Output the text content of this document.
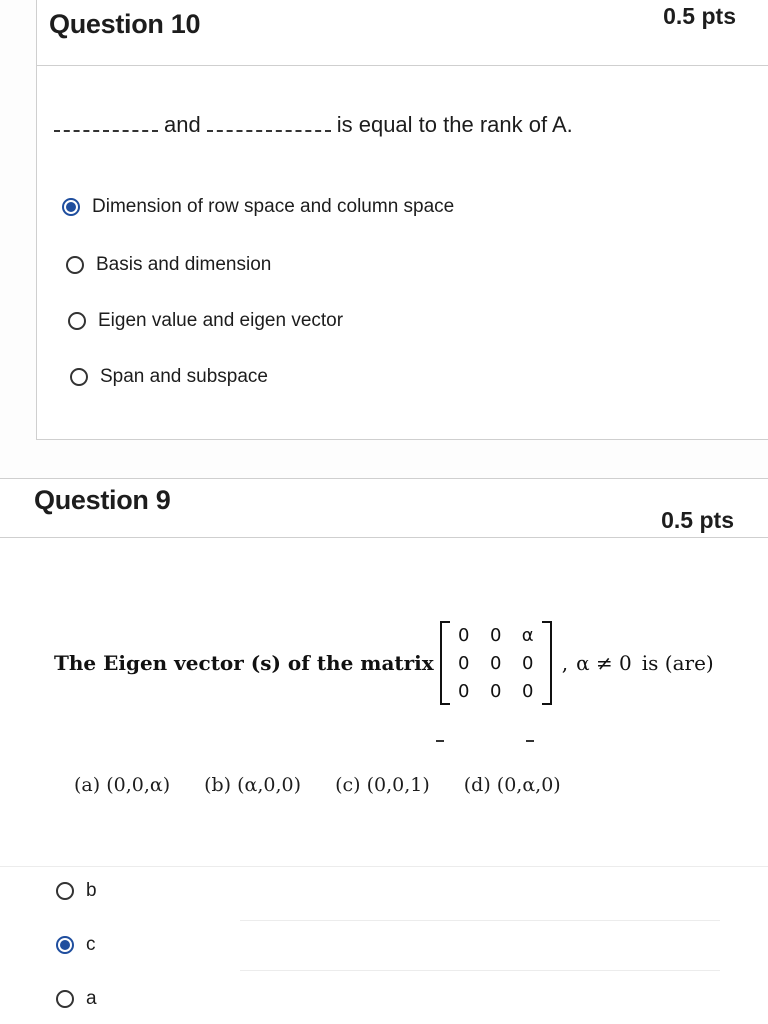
Question 10	0.5 pts
and	is equal to the rank of A.
Dimension of row space and column space
Basis and dimension
Eigen value and eigen vector
Span and subspace
Question 9
0.5 pts
The Eigen vector (s) of the matrix
0	0	α
0	0	0
0	0	0
, α ≠ 0 is (are)
(a) (0,0,α) (b) (α,0,0) (c) (0,0,1) (d) (0,α,0)
b
c
a
